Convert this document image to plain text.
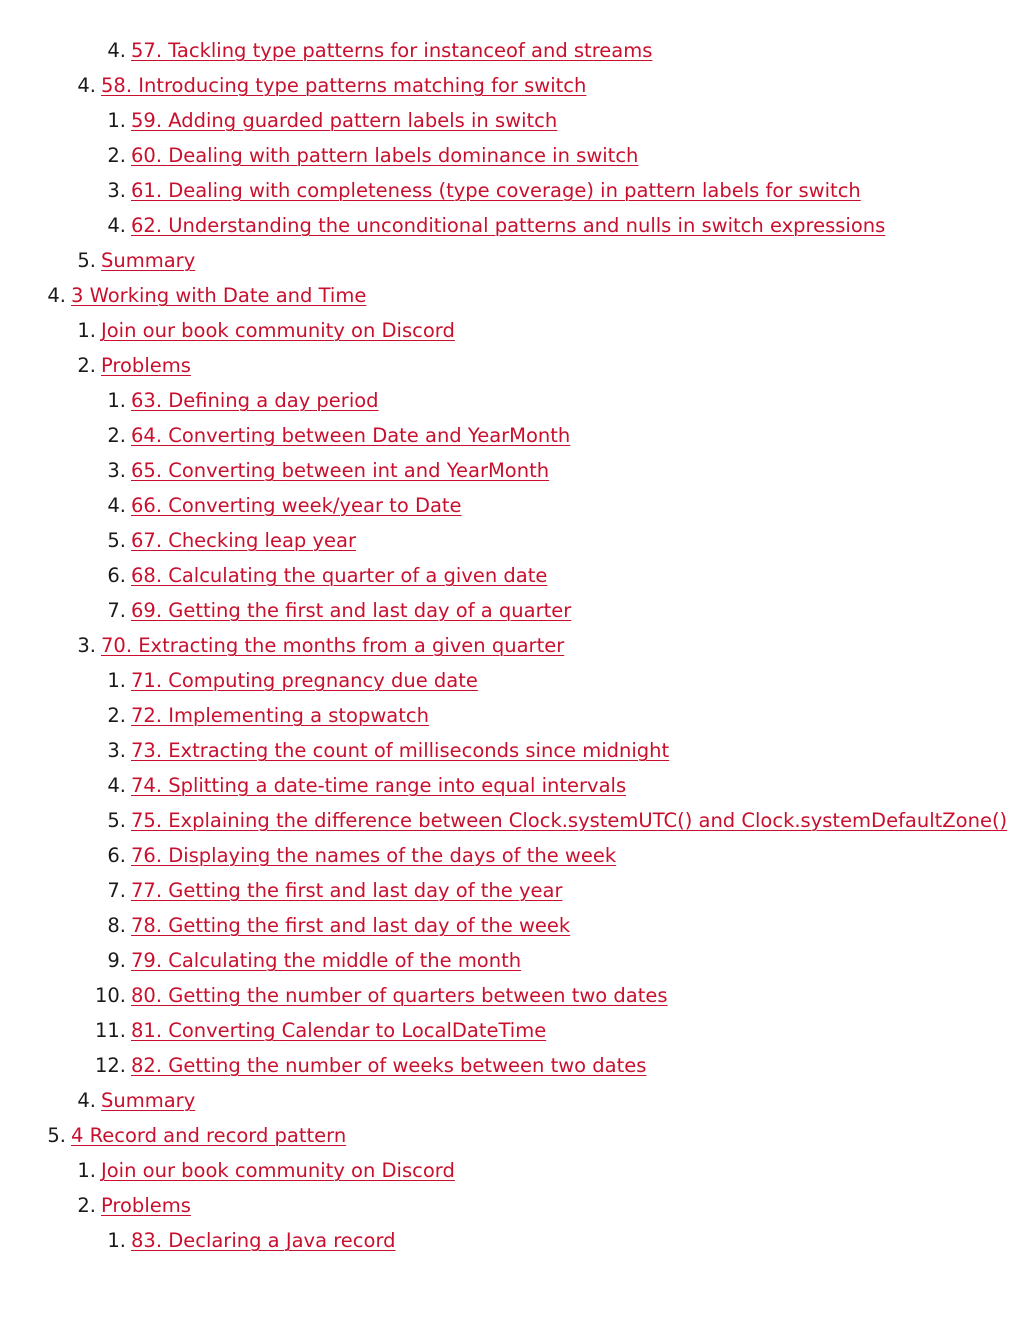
4. 57. Tackling type patterns for instanceof and streams
4. 58. Introducing type patterns matching for switch
1. 59. Adding guarded pattern labels in switch
2. 60. Dealing with pattern labels dominance in switch
3. 61. Dealing with completeness (type coverage) in pattern labels for switch
4. 62. Understanding the unconditional patterns and nulls in switch expressions
5. Summary
4. 3 Working with Date and Time
1. Join our book community on Discord
2. Problems
1. 63. Defining a day period
2. 64. Converting between Date and YearMonth
3. 65. Converting between int and YearMonth
4. 66. Converting week/year to Date
5. 67. Checking leap year
6. 68. Calculating the quarter of a given date
7. 69. Getting the first and last day of a quarter
3. 70. Extracting the months from a given quarter
1. 71. Computing pregnancy due date
2. 72. Implementing a stopwatch
3. 73. Extracting the count of milliseconds since midnight
4. 74. Splitting a date-time range into equal intervals
5. 75. Explaining the difference between Clock.systemUTC() and Clock.systemDefaultZone()
6. 76. Displaying the names of the days of the week
7. 77. Getting the first and last day of the year
8. 78. Getting the first and last day of the week
9. 79. Calculating the middle of the month
10. 80. Getting the number of quarters between two dates
11. 81. Converting Calendar to LocalDateTime
12. 82. Getting the number of weeks between two dates
4. Summary
5. 4 Record and record pattern
1. Join our book community on Discord
2. Problems
1. 83. Declaring a Java record
